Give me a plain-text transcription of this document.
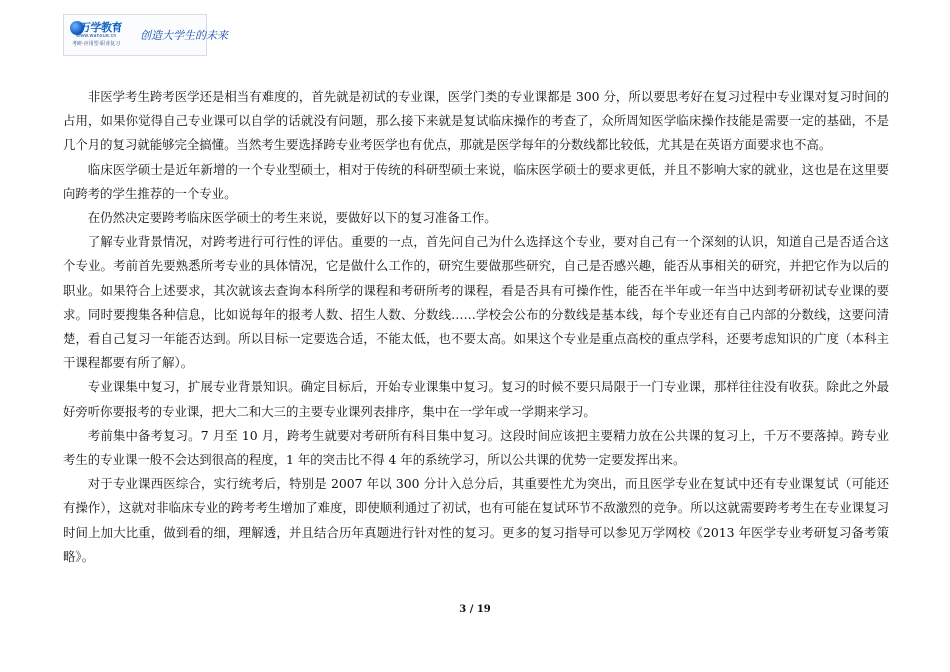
万学教育
www.wanxue.cn
考研·应用型·职业复习
创造大学生的未来

非医学考生跨考医学还是相当有难度的，首先就是初试的专业课，医学门类的专业课都是 300 分，所以要思考好在复习过程中专业课对复习时间的占用，如果你觉得自己专业课可以自学的话就没有问题，那么接下来就是复试临床操作的考查了，众所周知医学临床操作技能是需要一定的基础，不是几个月的复习就能够完全搞懂。当然考生要选择跨专业考医学也有优点，那就是医学每年的分数线都比较低，尤其是在英语方面要求也不高。

临床医学硕士是近年新增的一个专业型硕士，相对于传统的科研型硕士来说，临床医学硕士的要求更低，并且不影响大家的就业，这也是在这里要向跨考的学生推荐的一个专业。

在仍然决定要跨考临床医学硕士的考生来说，要做好以下的复习准备工作。

了解专业背景情况，对跨考进行可行性的评估。重要的一点，首先问自己为什么选择这个专业，要对自己有一个深刻的认识，知道自己是否适合这个专业。考前首先要熟悉所考专业的具体情况，它是做什么工作的，研究生要做那些研究，自己是否感兴趣，能否从事相关的研究，并把它作为以后的职业。如果符合上述要求，其次就该去查询本科所学的课程和考研所考的课程，看是否具有可操作性，能否在半年或一年当中达到考研初试专业课的要求。同时要搜集各种信息，比如说每年的报考人数、招生人数、分数线……学校会公布的分数线是基本线，每个专业还有自己内部的分数线，这要问清楚，看自己复习一年能否达到。所以目标一定要选合适，不能太低，也不要太高。如果这个专业是重点高校的重点学科，还要考虑知识的广度（本科主干课程都要有所了解）。

专业课集中复习，扩展专业背景知识。确定目标后，开始专业课集中复习。复习的时候不要只局限于一门专业课，那样往往没有收获。除此之外最好旁听你要报考的专业课，把大二和大三的主要专业课列表排序，集中在一学年或一学期来学习。

考前集中备考复习。7 月至 10 月，跨考生就要对考研所有科目集中复习。这段时间应该把主要精力放在公共课的复习上，千万不要落掉。跨专业考生的专业课一般不会达到很高的程度，1 年的突击比不得 4 年的系统学习，所以公共课的优势一定要发挥出来。

对于专业课西医综合，实行统考后，特别是 2007 年以 300 分计入总分后，其重要性尤为突出，而且医学专业在复试中还有专业课复试（可能还有操作），这就对非临床专业的跨考考生增加了难度，即使顺利通过了初试，也有可能在复试环节不敌激烈的竞争。所以这就需要跨考考生在专业课复习时间上加大比重，做到看的细，理解透，并且结合历年真题进行针对性的复习。更多的复习指导可以参见万学网校《2013 年医学专业考研复习备考策略》。

3 / 19
